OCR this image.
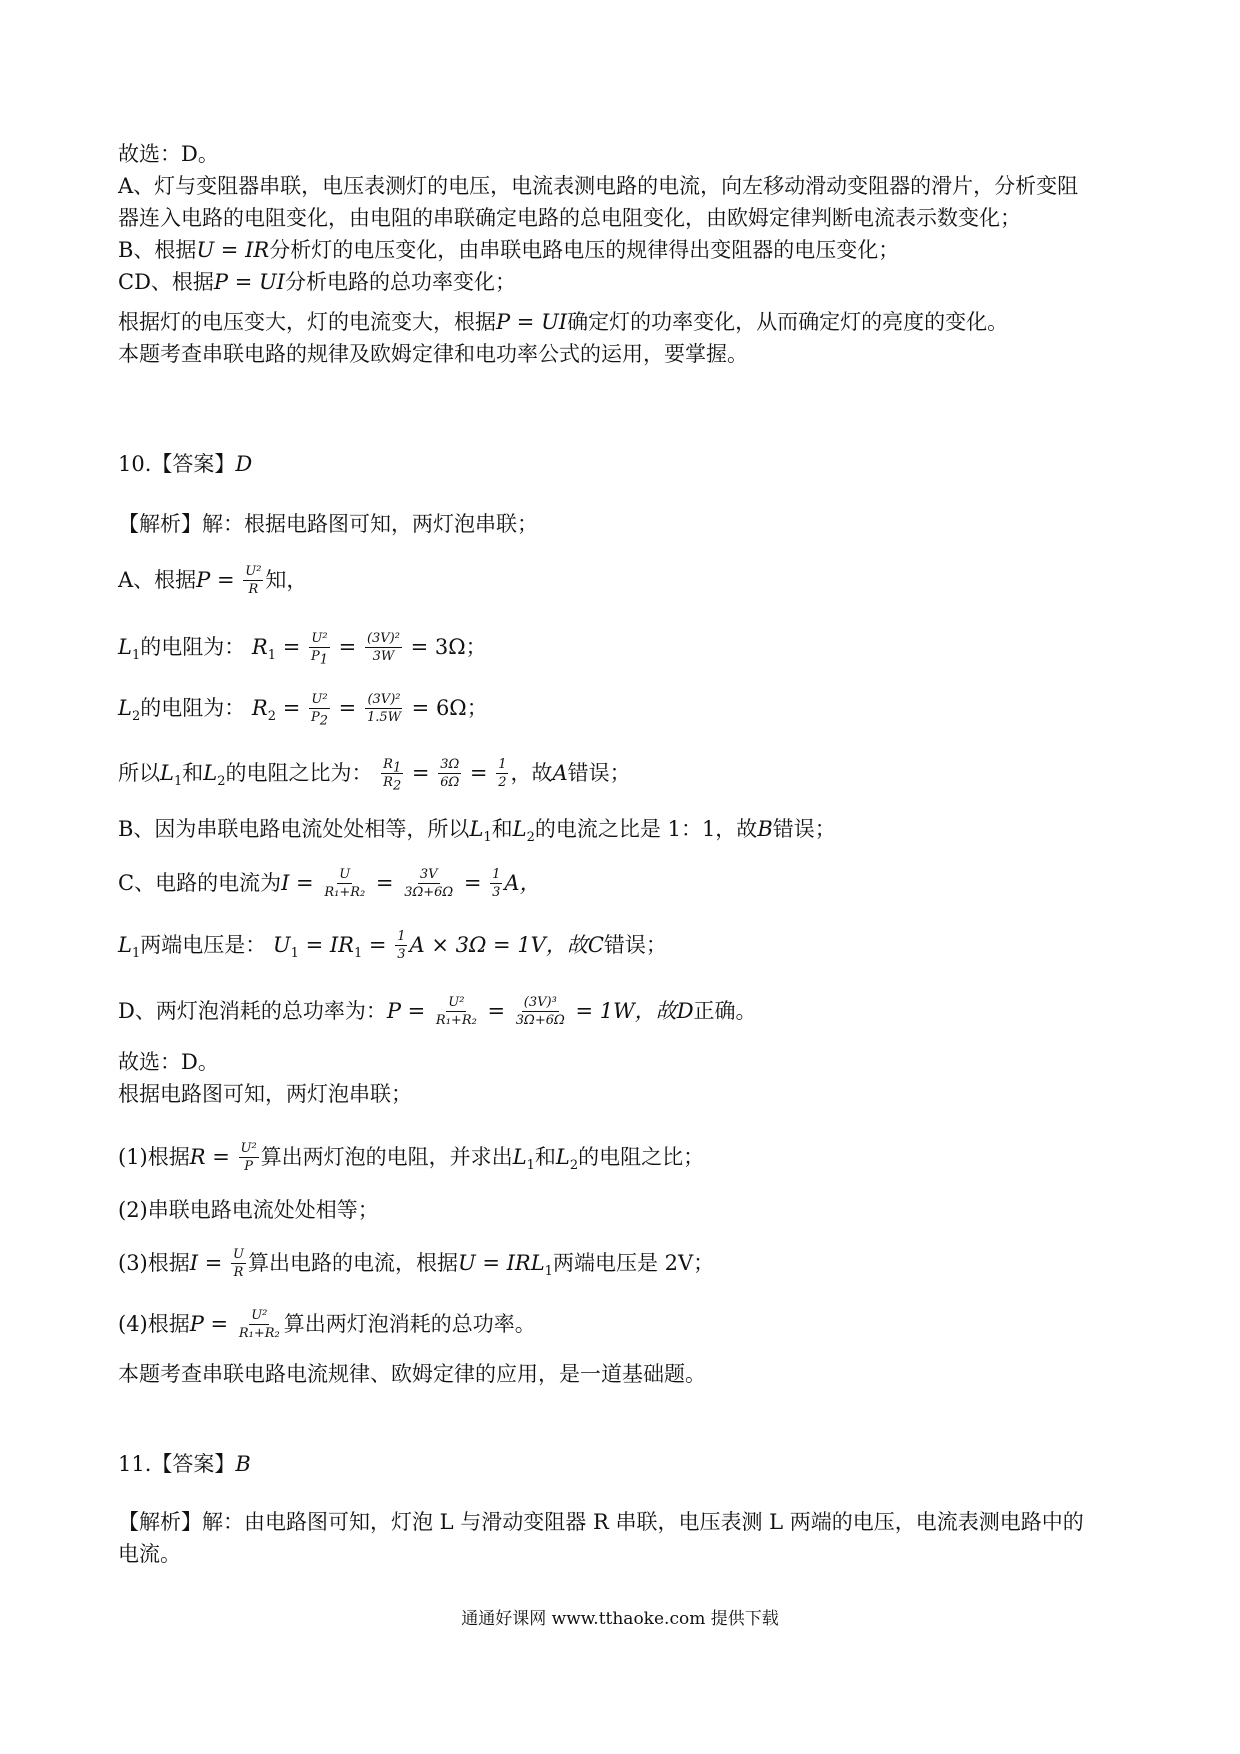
故选：D。
A、灯与变阻器串联，电压表测灯的电压，电流表测电路的电流，向左移动滑动变阻器的滑片，分析变阻
器连入电路的电阻变化，由电阻的串联确定电路的总电阻变化，由欧姆定律判断电流表示数变化；
B、根据U = IR分析灯的电压变化，由串联电路电压的规律得出变阻器的电压变化；
CD、根据P = UI分析电路的总功率变化；
根据灯的电压变大，灯的电流变大，根据P = UI确定灯的功率变化，从而确定灯的亮度的变化。
本题考查串联电路的规律及欧姆定律和电功率公式的运用，要掌握。
10.【答案】D
【解析】解：根据电路图可知，两灯泡串联；
A、根据$P = \frac{\text{U²}}{R}$ 知，
$L_1$的电阻为： $R_1 = \frac{\text{U²}}{P_1} = \frac{\text{(3V)²}}{3W} = 3\Omega$；
$L_2$的电阻为： $R_2 = \frac{\text{U²}}{P_2} = \frac{\text{(3V)²}}{1.5W} = 6\Omega$；
所以$L_1$和$L_2$的电阻之比为： $\frac{R_1}{R_2} = \frac{3\Omega}{6\Omega} = \frac{1}{2}$ ，故A错误；
B、因为串联电路电流处处相等，所以$L_1$和$L_2$的电流之比是 1：1，故B错误；
C、电路的电流为$I = \frac{U}{\text{R₁+R₂}} = \frac{3V}{3\Omega+6\Omega} = \frac{1}{3}$ A，
$L_1$两端电压是： $U_1 = IR_1 = \frac{1}{3}$ A × 3Ω = 1V，故C错误；
D、两灯泡消耗的总功率为：$P = \frac{\text{U²}}{\text{R₁+R₂}} = \frac{\text{(3V)³}}{3\Omega+6\Omega} = 1W$，故D正确。
故选：D。
根据电路图可知，两灯泡串联；
(1)根据$R = \frac{\text{U²}}{P}$ 算出两灯泡的电阻，并求出$L_1$和$L_2$的电阻之比；
(2)串联电路电流处处相等；
(3)根据$I = \frac{U}{R}$ 算出电路的电流，根据$U = IRL_1$两端电压是 2V；
(4)根据$P = \frac{\text{U²}}{\text{R₁+R₂}}$ 算出两灯泡消耗的总功率。
本题考查串联电路电流规律、欧姆定律的应用，是一道基础题。
11.【答案】B
【解析】解：由电路图可知，灯泡 L 与滑动变阻器 R 串联，电压表测 L 两端的电压，电流表测电路中的
电流。
通通好课网 www.tthaoke.com 提供下载
